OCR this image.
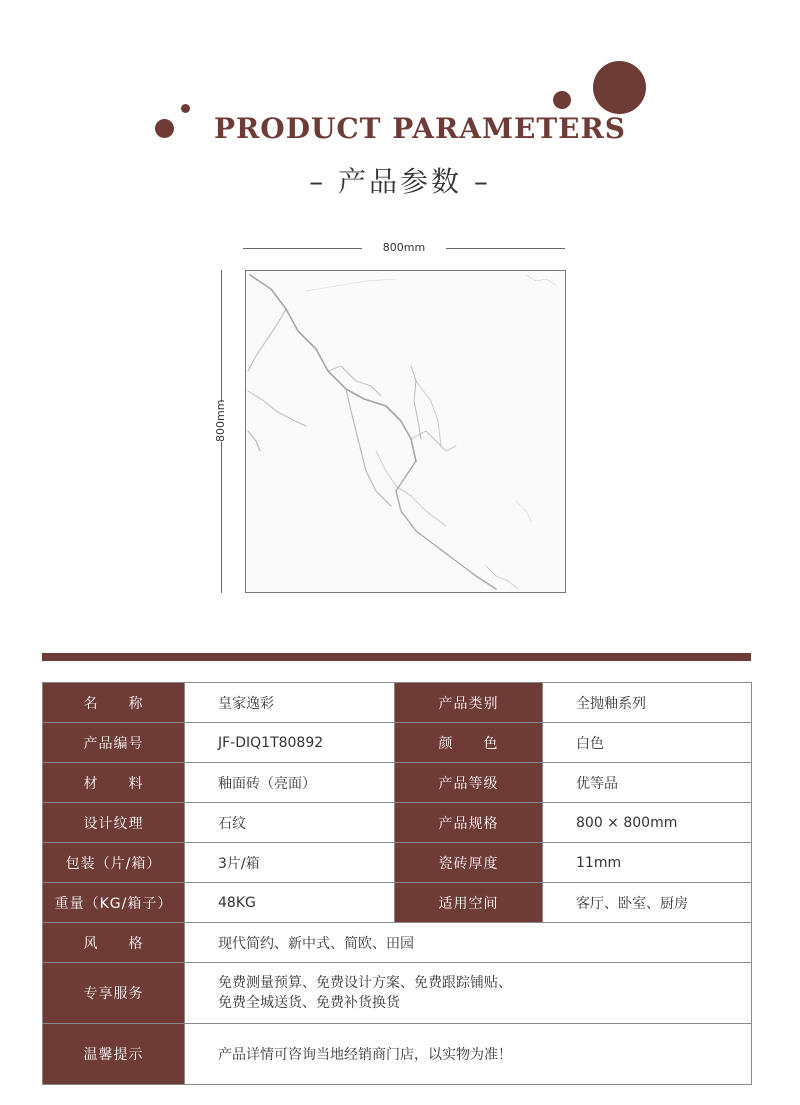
PRODUCT PARAMETERS
– 产品参数 –
800mm
800mm
名　　称	皇家逸彩	产品类别	全抛釉系列
产品编号	JF-DIQ1T80892	颜　　色	白色
材　　料	釉面砖（亮面）	产品等级	优等品
设计纹理	石纹	产品规格	800 × 800mm
包装（片/箱）	3片/箱	瓷砖厚度	11mm
重量（KG/箱子）	48KG	适用空间	客厅、卧室、厨房
风　　格	现代简约、新中式、简欧、田园		
专享服务	免费测量预算、免费设计方案、免费跟踪铺贴、
免费全城送货、免费补货换货		

温馨提示	产品详情可咨询当地经销商门店，以实物为准！		
